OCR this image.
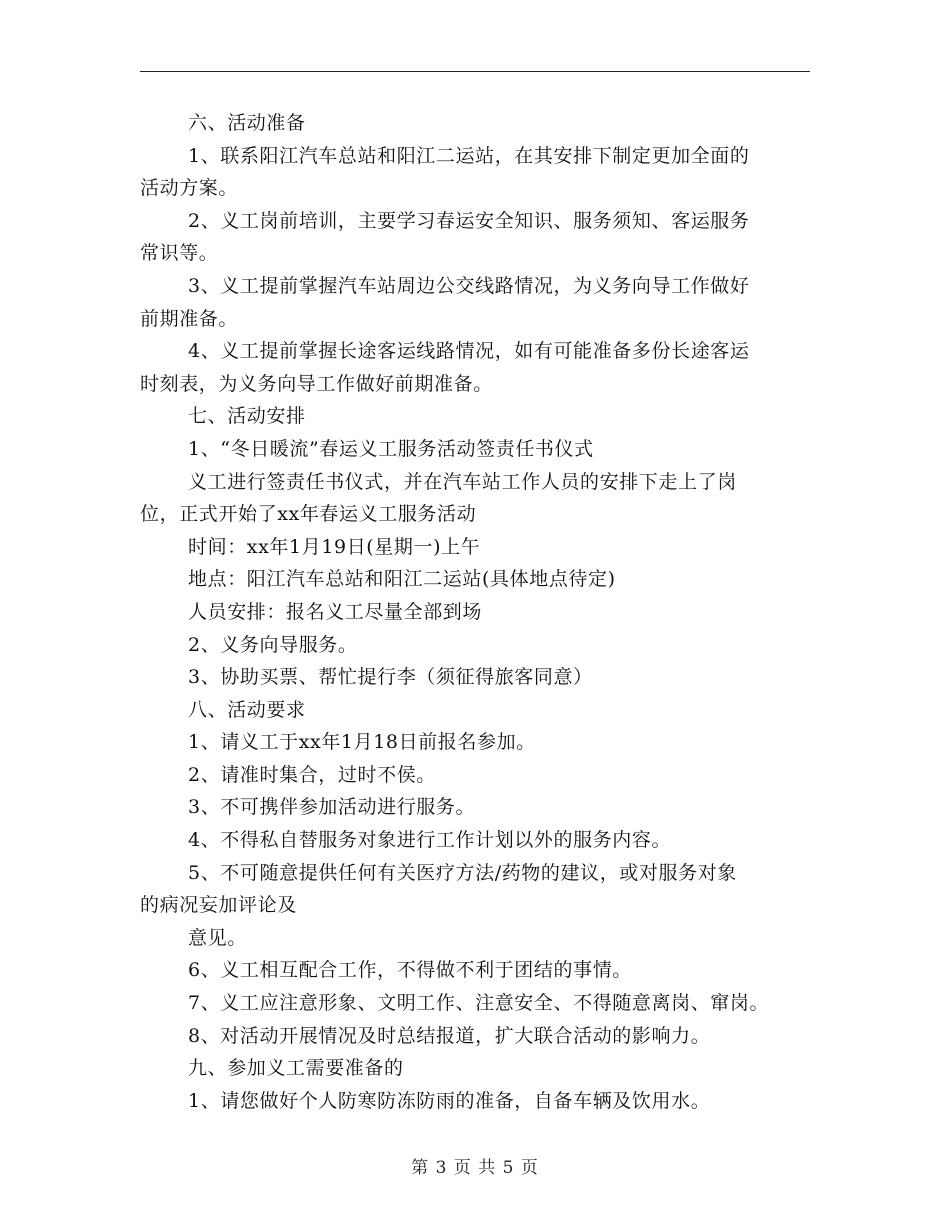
六、活动准备
1、联系阳江汽车总站和阳江二运站，在其安排下制定更加全面的
活动方案。
2、义工岗前培训，主要学习春运安全知识、服务须知、客运服务
常识等。
3、义工提前掌握汽车站周边公交线路情况，为义务向导工作做好
前期准备。
4、义工提前掌握长途客运线路情况，如有可能准备多份长途客运
时刻表，为义务向导工作做好前期准备。
七、活动安排
1、“冬日暖流”春运义工服务活动签责任书仪式
义工进行签责任书仪式，并在汽车站工作人员的安排下走上了岗
位，正式开始了xx年春运义工服务活动
时间：xx年1月19日(星期一)上午
地点：阳江汽车总站和阳江二运站(具体地点待定)
人员安排：报名义工尽量全部到场
2、义务向导服务。
3、协助买票、帮忙提行李（须征得旅客同意）
八、活动要求
1、请义工于xx年1月18日前报名参加。
2、请准时集合，过时不侯。
3、不可携伴参加活动进行服务。
4、不得私自替服务对象进行工作计划以外的服务内容。
5、不可随意提供任何有关医疗方法/药物的建议，或对服务对象
的病况妄加评论及
意见。
6、义工相互配合工作，不得做不利于团结的事情。
7、义工应注意形象、文明工作、注意安全、不得随意离岗、窜岗。
8、对活动开展情况及时总结报道，扩大联合活动的影响力。
九、参加义工需要准备的
1、请您做好个人防寒防冻防雨的准备，自备车辆及饮用水。
第 3 页 共 5 页
